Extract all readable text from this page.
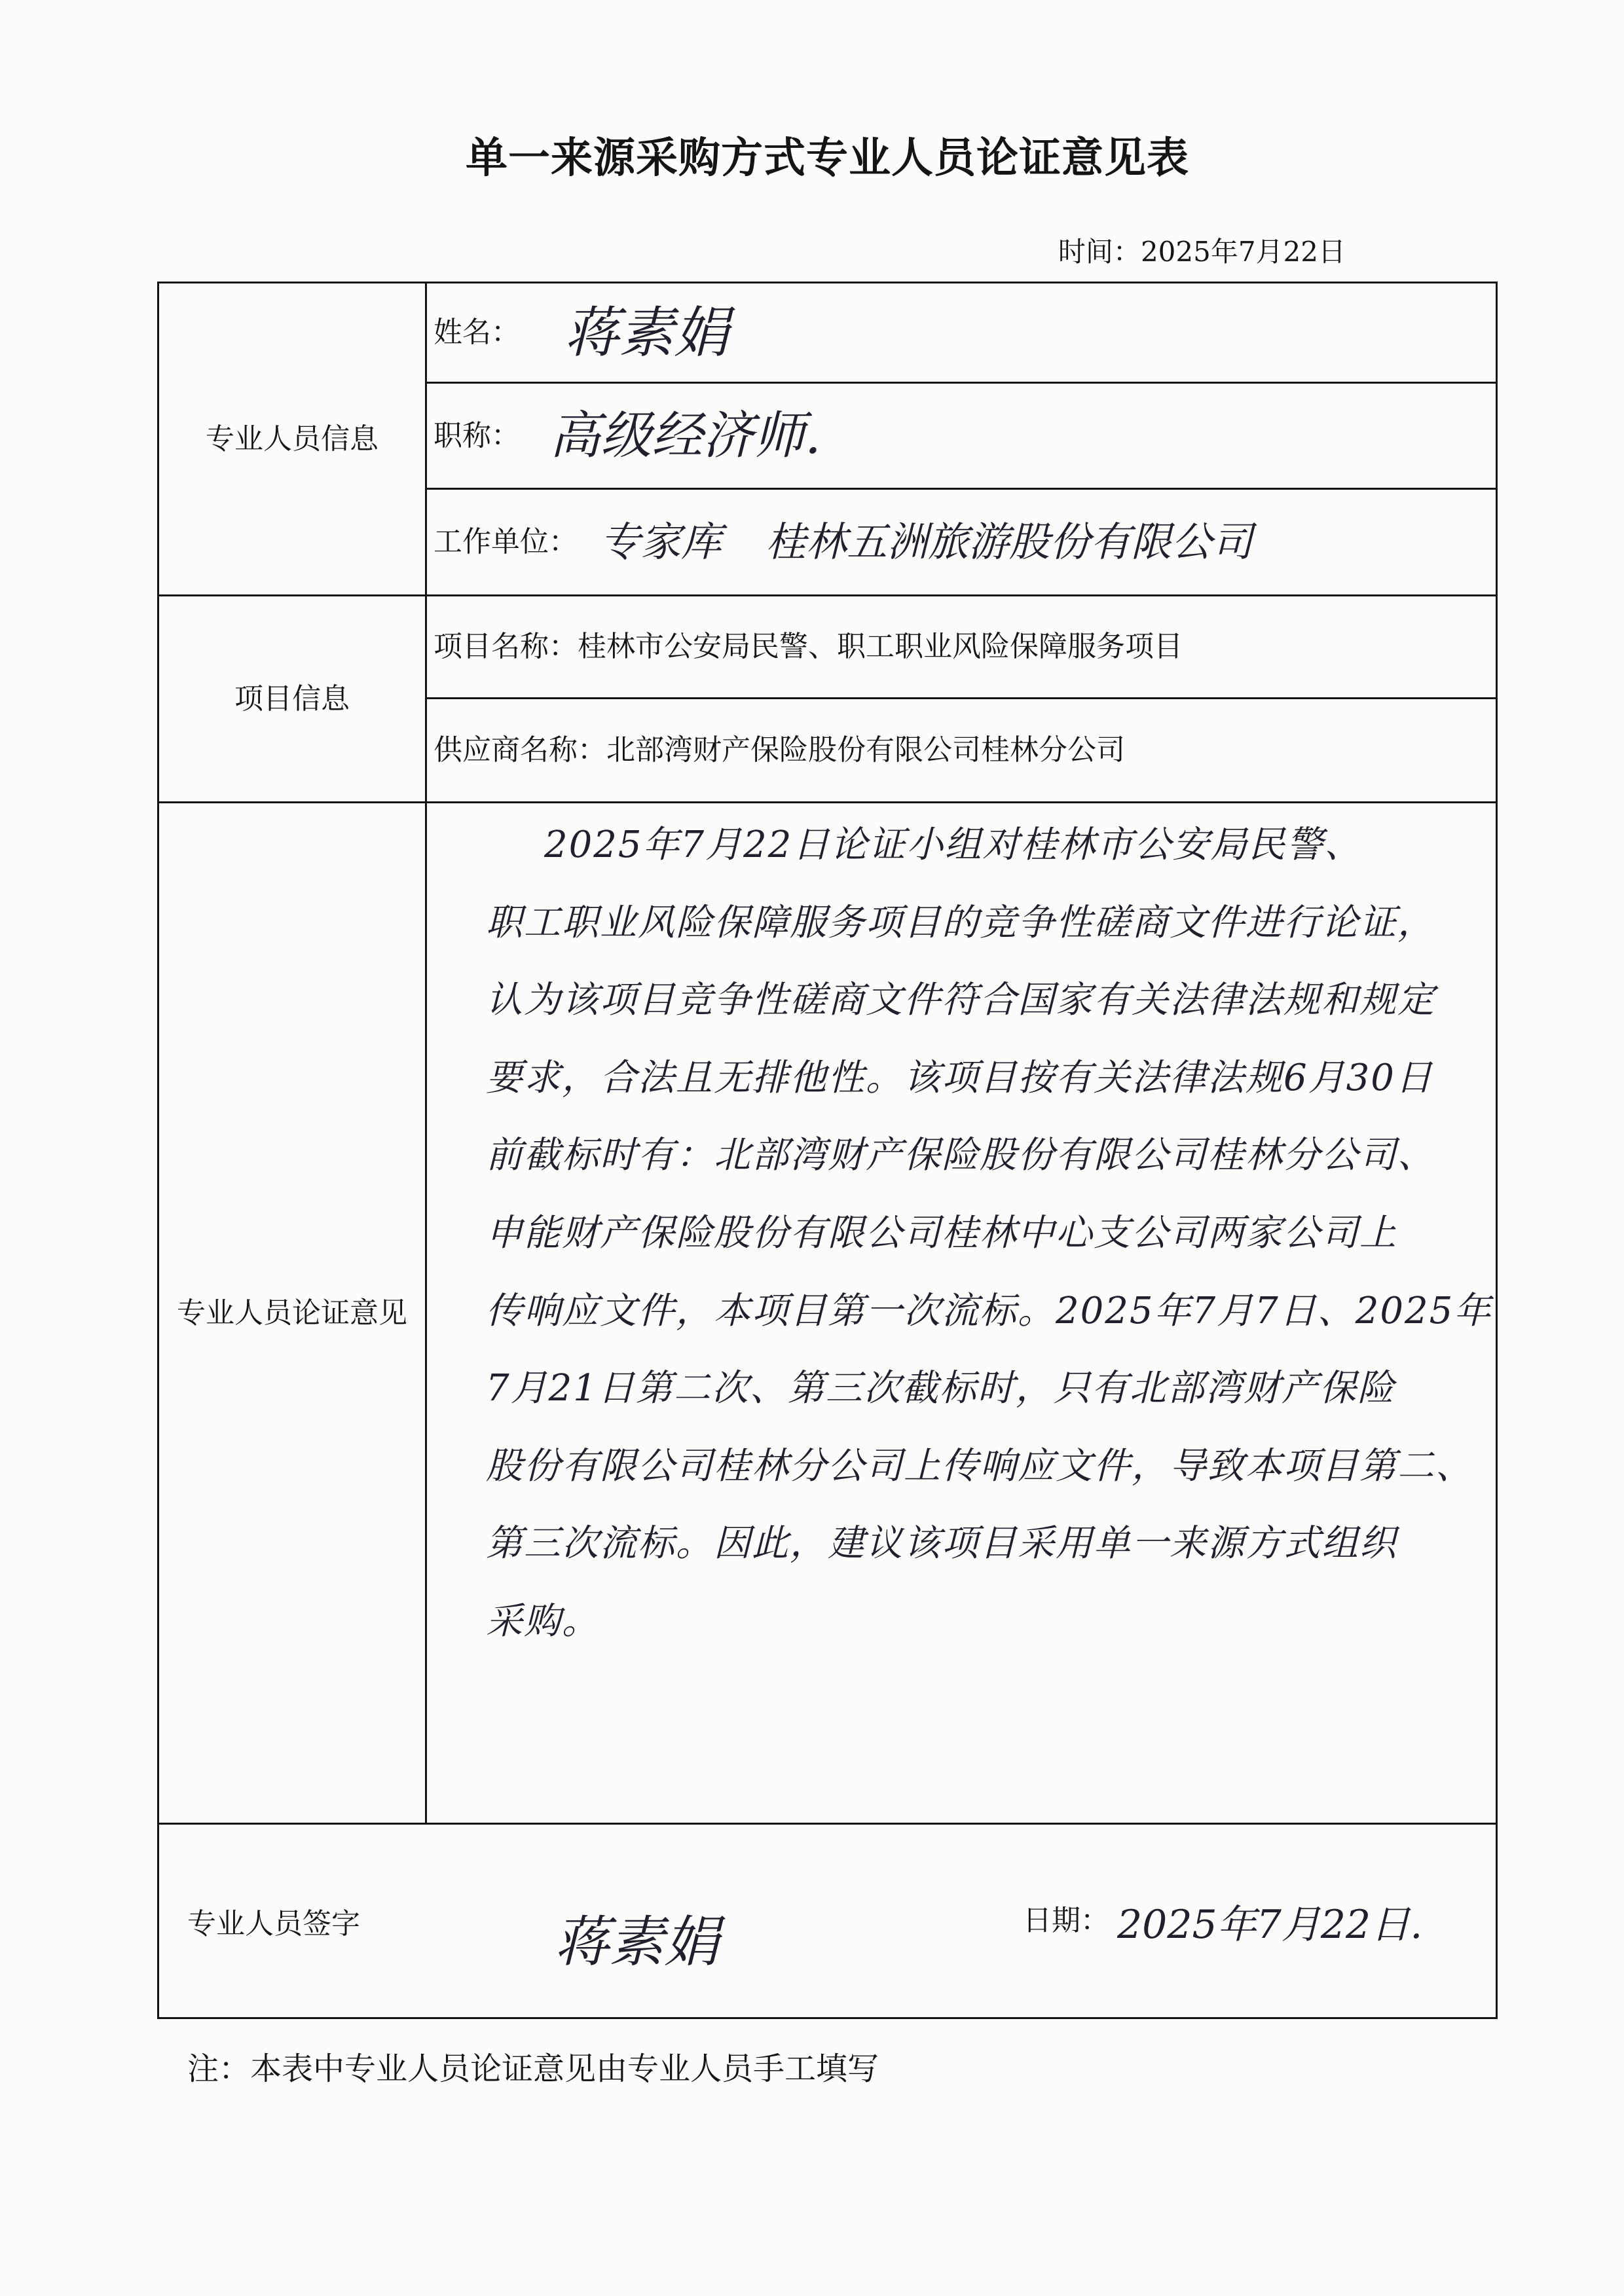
单一来源采购方式专业人员论证意见表
时间：2025年7月22日
专业人员信息
项目信息
专业人员论证意见
姓名： 蒋素娟
职称： 高级经济师.
工作单位： 专家库 桂林五洲旅游股份有限公司
项目名称： 桂林市公安局民警、职工职业风险保障服务项目
供应商名称： 北部湾财产保险股份有限公司桂林分公司
2025年7月22日论证小组对桂林市公安局民警、
职工职业风险保障服务项目的竞争性磋商文件进行论证，
认为该项目竞争性磋商文件符合国家有关法律法规和规定
要求，合法且无排他性。该项目按有关法律法规6月30日
前截标时有：北部湾财产保险股份有限公司桂林分公司、
申能财产保险股份有限公司桂林中心支公司两家公司上
传响应文件，本项目第一次流标。2025年7月7日、2025年
7月21日第二次、第三次截标时，只有北部湾财产保险
股份有限公司桂林分公司上传响应文件，导致本项目第二、
第三次流标。因此，建议该项目采用单一来源方式组织
采购。
专业人员签字	蒋素娟	日期： 2025年7月22日.
注：本表中专业人员论证意见由专业人员手工填写
